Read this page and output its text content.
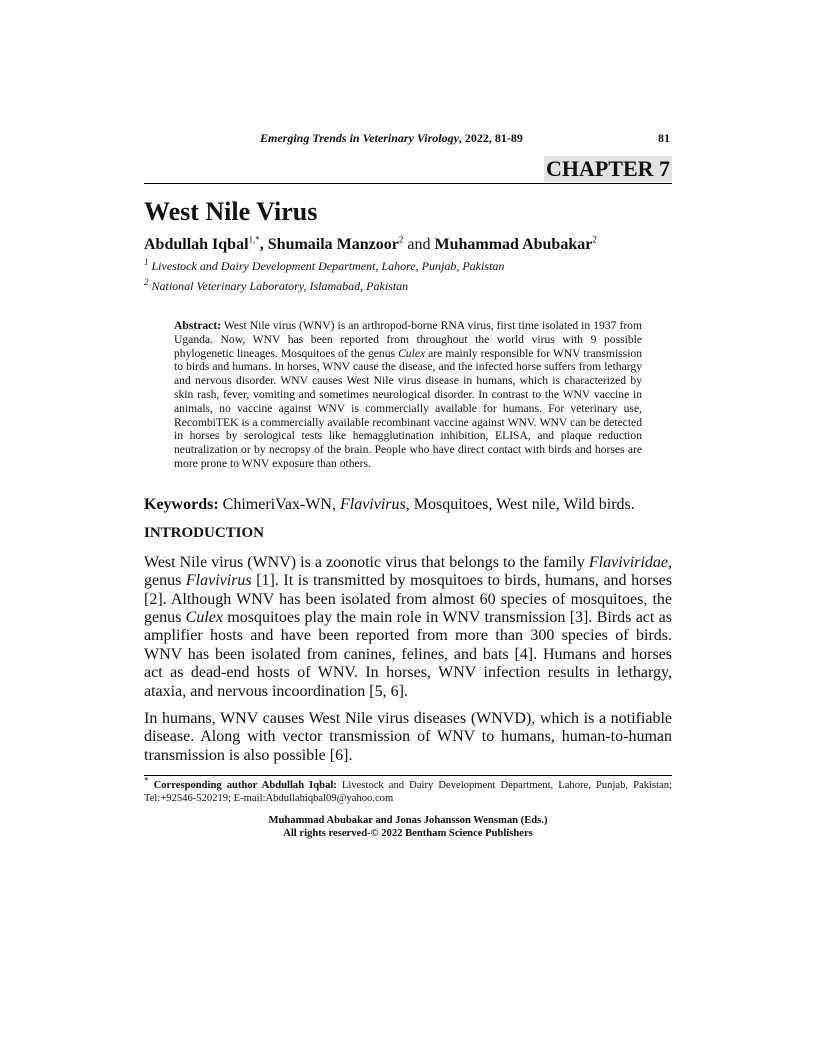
Emerging Trends in Veterinary Virology, 2022, 81-89	81
CHAPTER 7
West Nile Virus
Abdullah Iqbal$^{1,*}$, Shumaila Manzoor$^2$ and Muhammad Abubakar$^2$
$^1$ Livestock and Dairy Development Department, Lahore, Punjab, Pakistan
$^2$ National Veterinary Laboratory, Islamabad, Pakistan
Abstract: West Nile virus (WNV) is an arthropod-borne RNA virus, first time isolated in 1937 from Uganda. Now, WNV has been reported from throughout the world virus with 9 possible phylogenetic lineages. Mosquitoes of the genus Culex are mainly responsible for WNV transmission to birds and humans. In horses, WNV cause the disease, and the infected horse suffers from lethargy and nervous disorder. WNV causes West Nile virus disease in humans, which is characterized by skin rash, fever, vomiting and sometimes neurological disorder. In contrast to the WNV vaccine in animals, no vaccine against WNV is commercially available for humans. For veterinary use, RecombiTEK is a commercially available recombinant vaccine against WNV. WNV can be detected in horses by serological tests like hemagglutination inhibition, ELISA, and plaque reduction neutralization or by necropsy of the brain. People who have direct contact with birds and horses are more prone to WNV exposure than others.
Keywords: ChimeriVax-WN, Flavivirus, Mosquitoes, West nile, Wild birds.
INTRODUCTION
West Nile virus (WNV) is a zoonotic virus that belongs to the family Flaviviridae, genus Flavivirus [1]. It is transmitted by mosquitoes to birds, humans, and horses [2]. Although WNV has been isolated from almost 60 species of mosquitoes, the genus Culex mosquitoes play the main role in WNV transmission [3]. Birds act as amplifier hosts and have been reported from more than 300 species of birds. WNV has been isolated from canines, felines, and bats [4]. Humans and horses act as dead-end hosts of WNV. In horses, WNV infection results in lethargy, ataxia, and nervous incoordination [5, 6].
In humans, WNV causes West Nile virus diseases (WNVD), which is a notifiable disease. Along with vector transmission of WNV to humans, human-to-human transmission is also possible [6].
* Corresponding author Abdullah Iqbal: Livestock and Dairy Development Department, Lahore, Punjab, Pakistan; Tel:+92546-520219; E-mail:Abdullahiqbal09@yahoo.com
Muhammad Abubakar and Jonas Johansson Wensman (Eds.)
All rights reserved-© 2022 Bentham Science Publishers
